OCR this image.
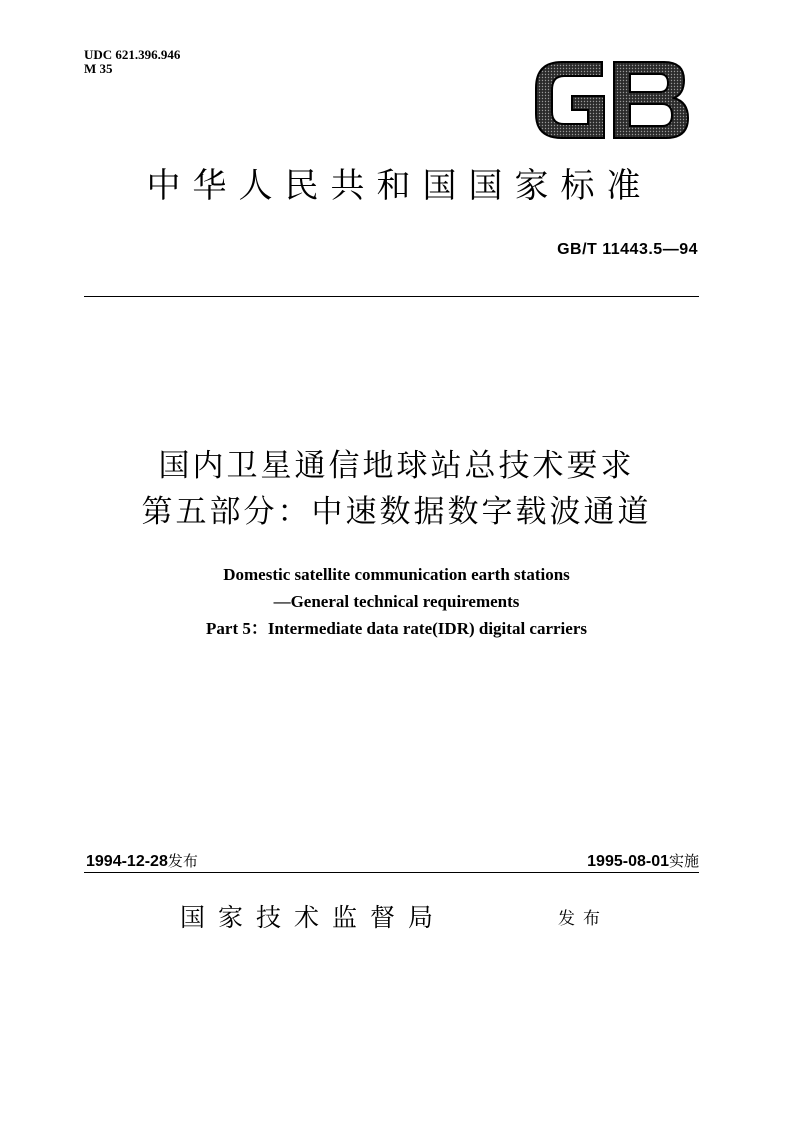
UDC 621.396.946
M 35
中华人民共和国国家标准
GB/T 11443.5—94
国内卫星通信地球站总技术要求
第五部分：中速数据数字载波通道
Domestic satellite communication earth stations
—General technical requirements
Part 5：Intermediate data rate(IDR) digital carriers
1994-12-28发布	1995-08-01实施
国家技术监督局	发布
